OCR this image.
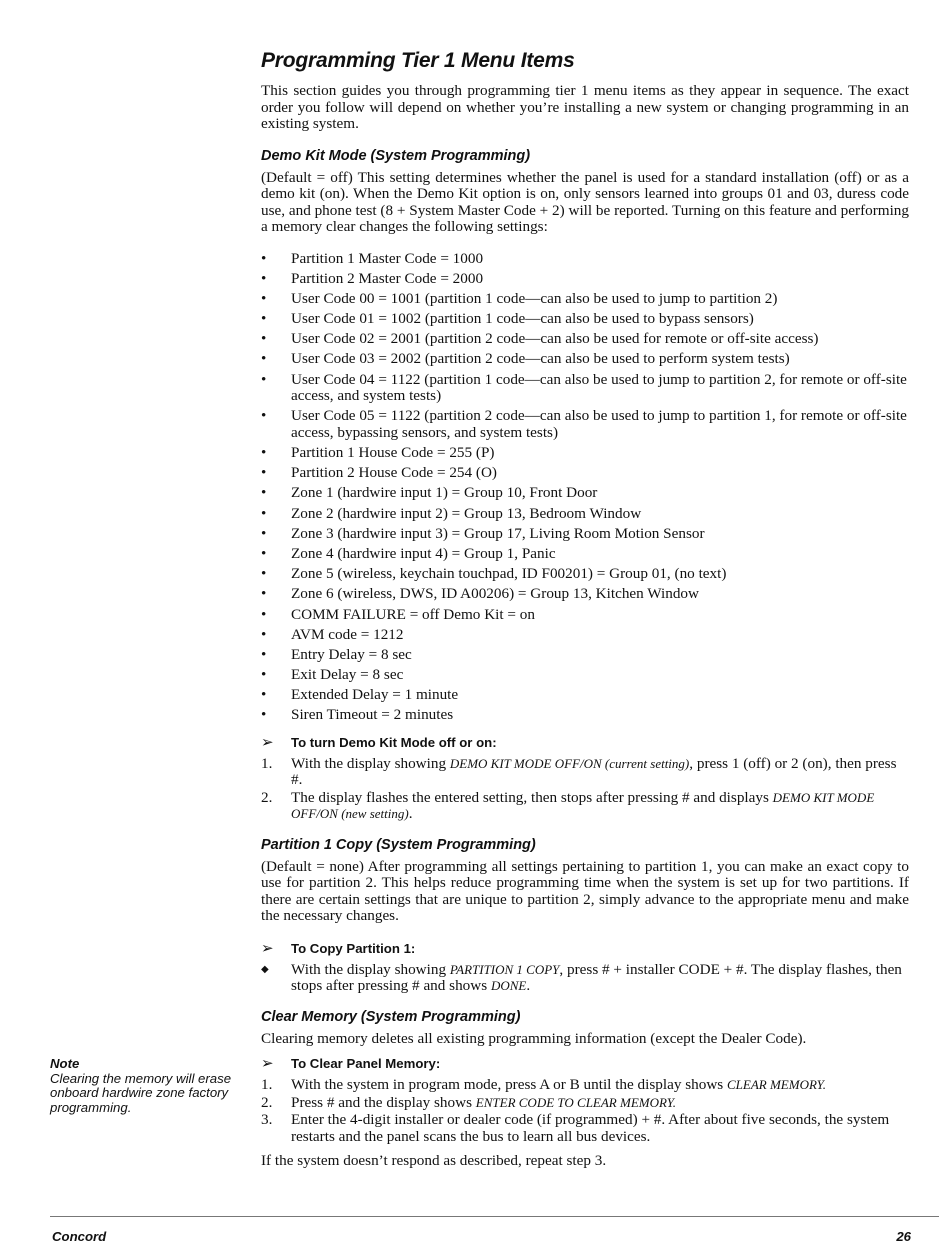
Programming Tier 1 Menu Items

This section guides you through programming tier 1 menu items as they appear in sequence. The exact order you follow will depend on whether you’re installing a new system or changing programming in an existing system.

Demo Kit Mode (System Programming)

(Default = off) This setting determines whether the panel is used for a standard installation (off) or as a demo kit (on). When the Demo Kit option is on, only sensors learned into groups 01 and 03, duress code use, and phone test (8 + System Master Code + 2) will be reported. Turning on this feature and performing a memory clear changes the following settings:

• Partition 1 Master Code = 1000
• Partition 2 Master Code = 2000
• User Code 00 = 1001 (partition 1 code—can also be used to jump to partition 2)
• User Code 01 = 1002 (partition 1 code—can also be used to bypass sensors)
• User Code 02 = 2001 (partition 2 code—can also be used for remote or off-site access)
• User Code 03 = 2002 (partition 2 code—can also be used to perform system tests)
• User Code 04 = 1122 (partition 1 code—can also be used to jump to partition 2, for remote or off-site access, and system tests)
• User Code 05 = 1122 (partition 2 code—can also be used to jump to partition 1, for remote or off-site access, bypassing sensors, and system tests)
• Partition 1 House Code = 255 (P)
• Partition 2 House Code = 254 (O)
• Zone 1 (hardwire input 1) = Group 10, Front Door
• Zone 2 (hardwire input 2) = Group 13, Bedroom Window
• Zone 3 (hardwire input 3) = Group 17, Living Room Motion Sensor
• Zone 4 (hardwire input 4) = Group 1, Panic
• Zone 5 (wireless, keychain touchpad, ID F00201) = Group 01, (no text)
• Zone 6 (wireless, DWS, ID A00206) = Group 13, Kitchen Window
• COMM FAILURE = off Demo Kit = on
• AVM code = 1212
• Entry Delay = 8 sec
• Exit Delay = 8 sec
• Extended Delay = 1 minute
• Siren Timeout = 2 minutes
➢ To turn Demo Kit Mode off or on:
1. With the display showing DEMO KIT MODE OFF/ON (current setting), press 1 (off) or 2 (on), then press #.
2. The display flashes the entered setting, then stops after pressing # and displays DEMO KIT MODE OFF/ON (new setting).
Partition 1 Copy (System Programming)

(Default = none) After programming all settings pertaining to partition 1, you can make an exact copy to use for partition 2. This helps reduce programming time when the system is set up for two partitions. If there are certain settings that are unique to partition 2, simply advance to the appropriate menu and make the necessary changes.

➢ To Copy Partition 1:
◆ With the display showing PARTITION 1 COPY, press # + installer CODE + #. The display flashes, then stops after pressing # and shows DONE.
Clear Memory (System Programming)

Clearing memory deletes all existing programming information (except the Dealer Code).

➢ To Clear Panel Memory:
1. With the system in program mode, press A or B until the display shows CLEAR MEMORY.
2. Press # and the display shows ENTER CODE TO CLEAR MEMORY.
3. Enter the 4-digit installer or dealer code (if programmed) + #. After about five seconds, the system restarts and the panel scans the bus to learn all bus devices.

If the system doesn’t respond as described, repeat step 3.

Note
Clearing the memory will erase onboard hardwire zone factory programming.
Concord	26
